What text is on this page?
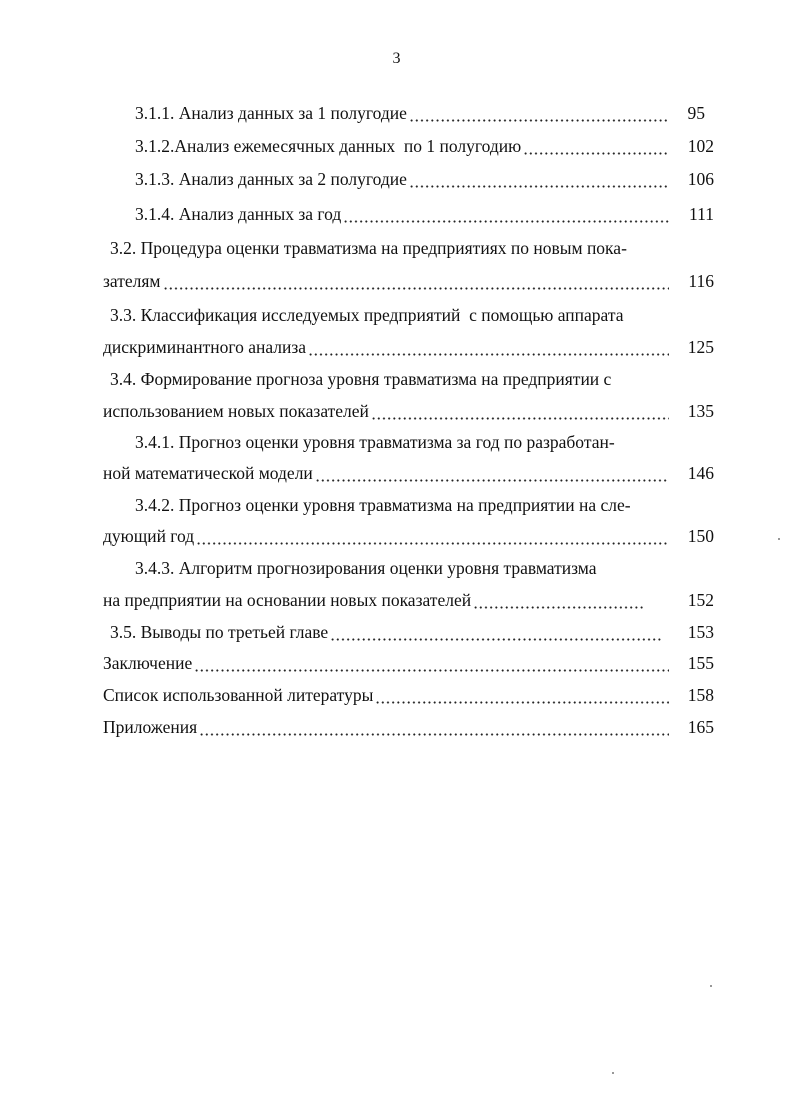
3
3.1.1. Анализ данных за 1 полугодие	95
3.1.2.Анализ ежемесячных данных  по 1 полугодию	102
3.1.3. Анализ данных за 2 полугодие	106
3.1.4. Анализ данных за год	111
3.2. Процедура оценки травматизма на предприятиях по новым пока-
зателям	116
3.3. Классификация исследуемых предприятий  с помощью аппарата
дискриминантного анализа	125
3.4. Формирование прогноза уровня травматизма на предприятии с
использованием новых показателей	135
3.4.1. Прогноз оценки уровня травматизма за год по разработан-
ной математической модели	146
3.4.2. Прогноз оценки уровня травматизма на предприятии на сле-
дующий год	150
3.4.3. Алгоритм прогнозирования оценки уровня травматизма
на предприятии на основании новых показателей	152
3.5. Выводы по третьей главе	153
Заключение	155
Список использованной литературы	158
Приложения	165
